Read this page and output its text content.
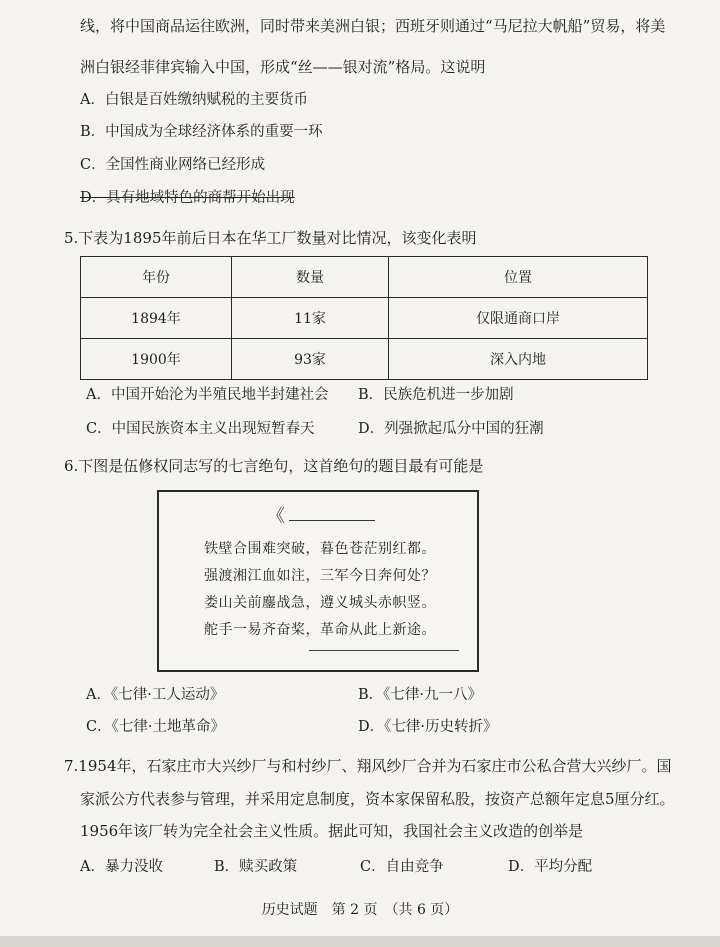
线，将中国商品运往欧洲，同时带来美洲白银；西班牙则通过“马尼拉大帆船”贸易，将美
洲白银经菲律宾输入中国，形成“丝——银对流”格局。这说明
A．白银是百姓缴纳赋税的主要货币
B．中国成为全球经济体系的重要一环
C．全国性商业网络已经形成
D．具有地域特色的商帮开始出现
5.下表为1895年前后日本在华工厂数量对比情况，该变化表明
年份	数量	位置
1894年	11家	仅限通商口岸
1900年	93家	深入内地
A．中国开始沦为半殖民地半封建社会 B．民族危机进一步加剧
C．中国民族资本主义出现短暂春天	D．列强掀起瓜分中国的狂潮
6.下图是伍修权同志写的七言绝句，这首绝句的题目最有可能是
《
铁壁合围难突破，暮色苍茫别红都。
强渡湘江血如注，三军今日奔何处？
娄山关前鏖战急，遵义城头赤帜竖。
舵手一易齐奋桨，革命从此上新途。
A．《七律·工人运动》	B．《七律·九一八》
C．《七律·土地革命》	D．《七律·历史转折》
7.1954年，石家庄市大兴纱厂与和村纱厂、翔风纱厂合并为石家庄市公私合营大兴纱厂。国
家派公方代表参与管理，并采用定息制度，资本家保留私股，按资产总额年定息5厘分红。
1956年该厂转为完全社会主义性质。据此可知，我国社会主义改造的创举是
A．暴力没收	B．赎买政策	C．自由竞争	D．平均分配
历史试题　第 2 页　（共 6 页）
